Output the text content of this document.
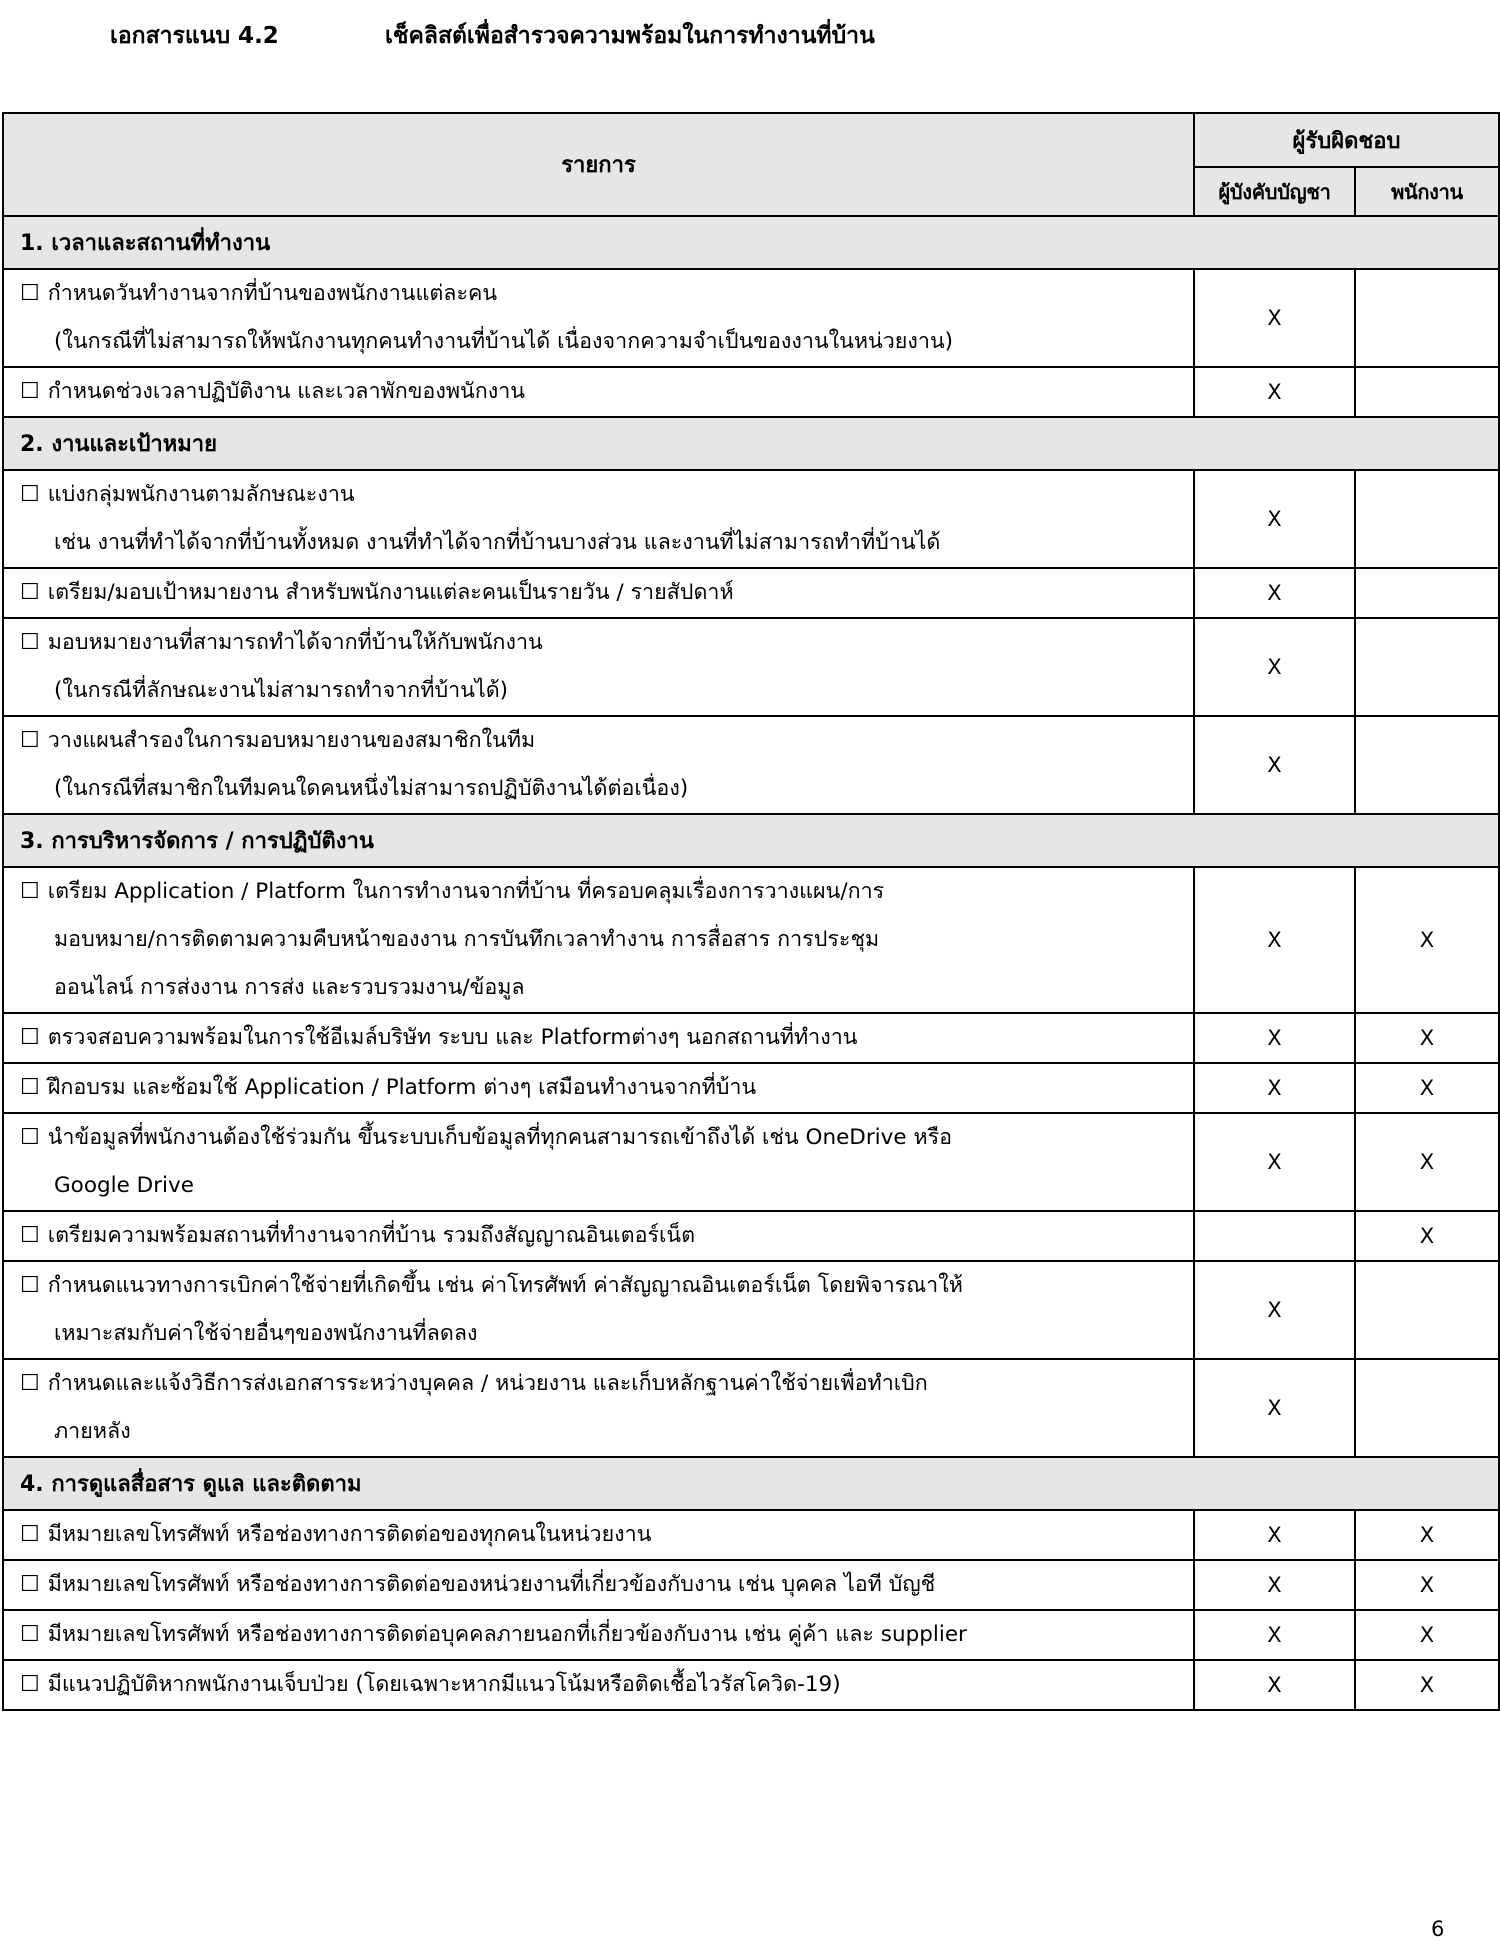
เอกสารแนบ 4.2	เช็คลิสต์เพื่อสำรวจความพร้อมในการทำงานที่บ้าน
รายการ	ผู้รับผิดชอบ	
	ผู้บังคับบัญชา	พนักงาน
1. เวลาและสถานที่ทำงาน		

☐ กำหนดวันทำงานจากที่บ้านของพนักงานแต่ละคน
(ในกรณีที่ไม่สามารถให้พนักงานทุกคนทำงานที่บ้านได้ เนื่องจากความจำเป็นของงานในหน่วยงาน)	X	

☐ กำหนดช่วงเวลาปฏิบัติงาน และเวลาพักของพนักงาน	X	
2. งานและเป้าหมาย		

☐ แบ่งกลุ่มพนักงานตามลักษณะงาน
เช่น งานที่ทำได้จากที่บ้านทั้งหมด งานที่ทำได้จากที่บ้านบางส่วน และงานที่ไม่สามารถทำที่บ้านได้	X	

☐ เตรียม/มอบเป้าหมายงาน สำหรับพนักงานแต่ละคนเป็นรายวัน / รายสัปดาห์	X	

☐ มอบหมายงานที่สามารถทำได้จากที่บ้านให้กับพนักงาน
(ในกรณีที่ลักษณะงานไม่สามารถทำจากที่บ้านได้)	X	

☐ วางแผนสำรองในการมอบหมายงานของสมาชิกในทีม
(ในกรณีที่สมาชิกในทีมคนใดคนหนึ่งไม่สามารถปฏิบัติงานได้ต่อเนื่อง)	X	
3. การบริหารจัดการ / การปฏิบัติงาน		

☐ เตรียม Application / Platform ในการทำงานจากที่บ้าน ที่ครอบคลุมเรื่องการวางแผน/การ
มอบหมาย/การติดตามความคืบหน้าของงาน การบันทึกเวลาทำงาน การสื่อสาร การประชุม
ออนไลน์ การส่งงาน การส่ง และรวบรวมงาน/ข้อมูล	X	X

☐ ตรวจสอบความพร้อมในการใช้อีเมล์บริษัท ระบบ และ Platformต่างๆ นอกสถานที่ทำงาน	X	X

☐ ฝึกอบรม และซ้อมใช้ Application / Platform ต่างๆ เสมือนทำงานจากที่บ้าน	X	X

☐ นำข้อมูลที่พนักงานต้องใช้ร่วมกัน ขึ้นระบบเก็บข้อมูลที่ทุกคนสามารถเข้าถึงได้ เช่น OneDrive หรือ
Google Drive	X	X

☐ เตรียมความพร้อมสถานที่ทำงานจากที่บ้าน รวมถึงสัญญาณอินเตอร์เน็ต		X

☐ กำหนดแนวทางการเบิกค่าใช้จ่ายที่เกิดขึ้น เช่น ค่าโทรศัพท์ ค่าสัญญาณอินเตอร์เน็ต โดยพิจารณาให้
เหมาะสมกับค่าใช้จ่ายอื่นๆของพนักงานที่ลดลง	X	

☐ กำหนดและแจ้งวิธีการส่งเอกสารระหว่างบุคคล / หน่วยงาน และเก็บหลักฐานค่าใช้จ่ายเพื่อทำเบิก
ภายหลัง	X	
4. การดูแลสื่อสาร ดูแล และติดตาม		

☐ มีหมายเลขโทรศัพท์ หรือช่องทางการติดต่อของทุกคนในหน่วยงาน	X	X

☐ มีหมายเลขโทรศัพท์ หรือช่องทางการติดต่อของหน่วยงานที่เกี่ยวข้องกับงาน เช่น บุคคล ไอที บัญชี	X	X

☐ มีหมายเลขโทรศัพท์ หรือช่องทางการติดต่อบุคคลภายนอกที่เกี่ยวข้องกับงาน เช่น คู่ค้า และ supplier	X	X

☐ มีแนวปฏิบัติหากพนักงานเจ็บป่วย (โดยเฉพาะหากมีแนวโน้มหรือติดเชื้อไวรัสโควิด-19)	X	X
6
